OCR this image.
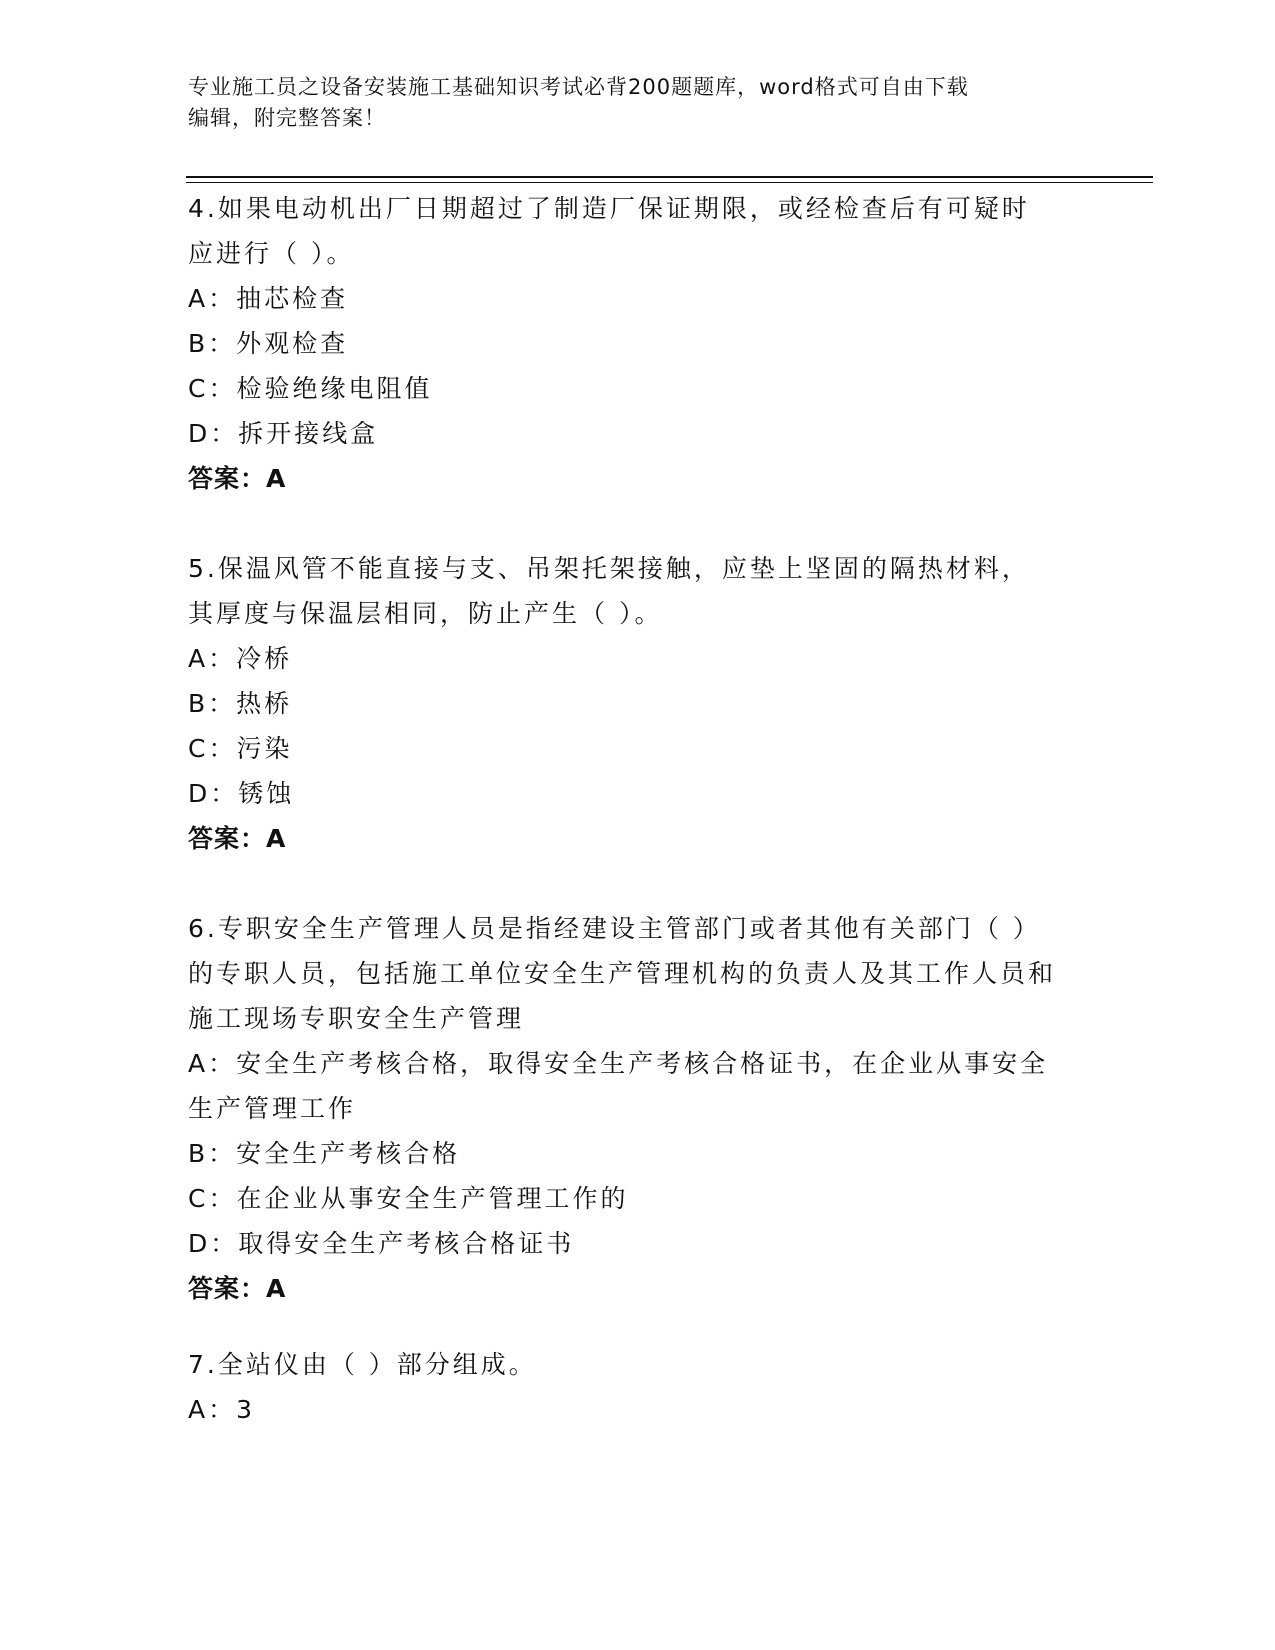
专业施工员之设备安装施工基础知识考试必背200题题库，word格式可自由下载
编辑，附完整答案！

4.如果电动机出厂日期超过了制造厂保证期限，或经检查后有可疑时应进行（ ）。

A：抽芯检查

B：外观检查

C：检验绝缘电阻值

D：拆开接线盒

答案：A

5.保温风管不能直接与支、吊架托架接触，应垫上坚固的隔热材料，其厚度与保温层相同，防止产生（ ）。

A：冷桥

B：热桥

C：污染

D：锈蚀

答案：A

6.专职安全生产管理人员是指经建设主管部门或者其他有关部门（ ）的专职人员，包括施工单位安全生产管理机构的负责人及其工作人员和施工现场专职安全生产管理

A：安全生产考核合格，取得安全生产考核合格证书，在企业从事安全生产管理工作

B：安全生产考核合格

C：在企业从事安全生产管理工作的

D：取得安全生产考核合格证书

答案：A

7.全站仪由（ ）部分组成。

A：3
